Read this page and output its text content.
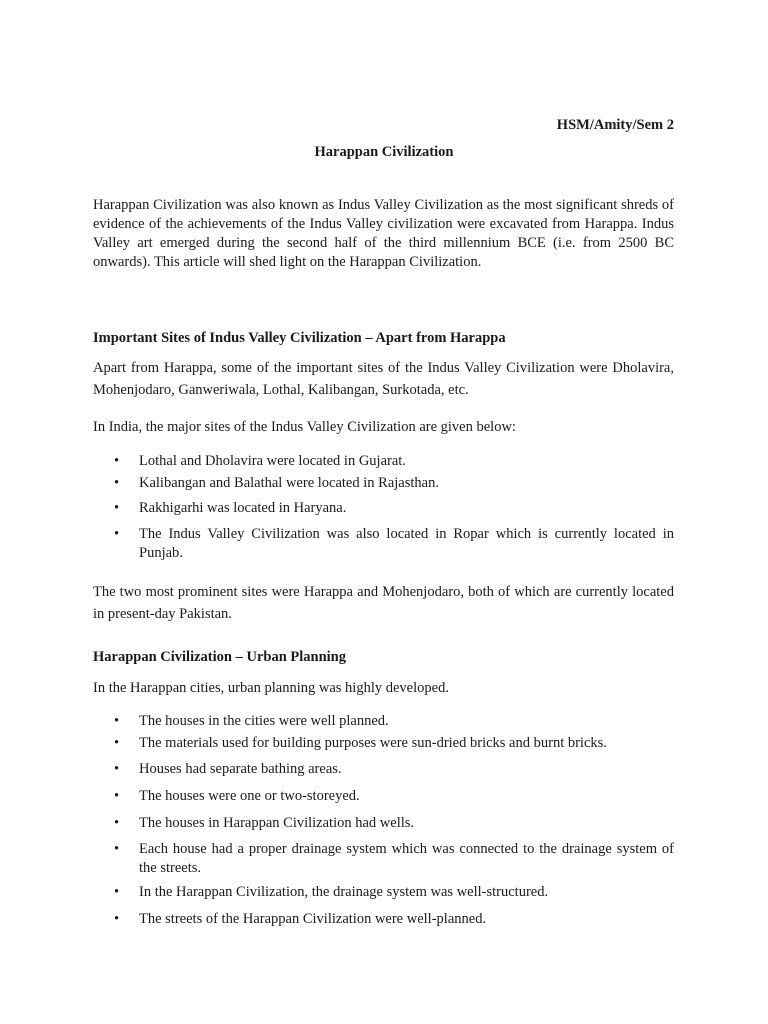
HSM/Amity/Sem 2
Harappan Civilization

Harappan Civilization was also known as Indus Valley Civilization as the most significant shreds of evidence of the achievements of the Indus Valley civilization were excavated from Harappa. Indus Valley art emerged during the second half of the third millennium BCE (i.e. from 2500 BC onwards). This article will shed light on the Harappan Civilization.

Important Sites of Indus Valley Civilization – Apart from Harappa

Apart from Harappa, some of the important sites of the Indus Valley Civilization were Dholavira, Mohenjodaro, Ganweriwala, Lothal, Kalibangan, Surkotada, etc.

In India, the major sites of the Indus Valley Civilization are given below:

• Lothal and Dholavira were located in Gujarat.
• Kalibangan and Balathal were located in Rajasthan.
• Rakhigarhi was located in Haryana.
• The Indus Valley Civilization was also located in Ropar which is currently located in Punjab.

The two most prominent sites were Harappa and Mohenjodaro, both of which are currently located in present-day Pakistan.

Harappan Civilization – Urban Planning

In the Harappan cities, urban planning was highly developed.

• The houses in the cities were well planned.
• The materials used for building purposes were sun-dried bricks and burnt bricks.
• Houses had separate bathing areas.
• The houses were one or two-storeyed.
• The houses in Harappan Civilization had wells.
• Each house had a proper drainage system which was connected to the drainage system of the streets.
• In the Harappan Civilization, the drainage system was well-structured.
• The streets of the Harappan Civilization were well-planned.
